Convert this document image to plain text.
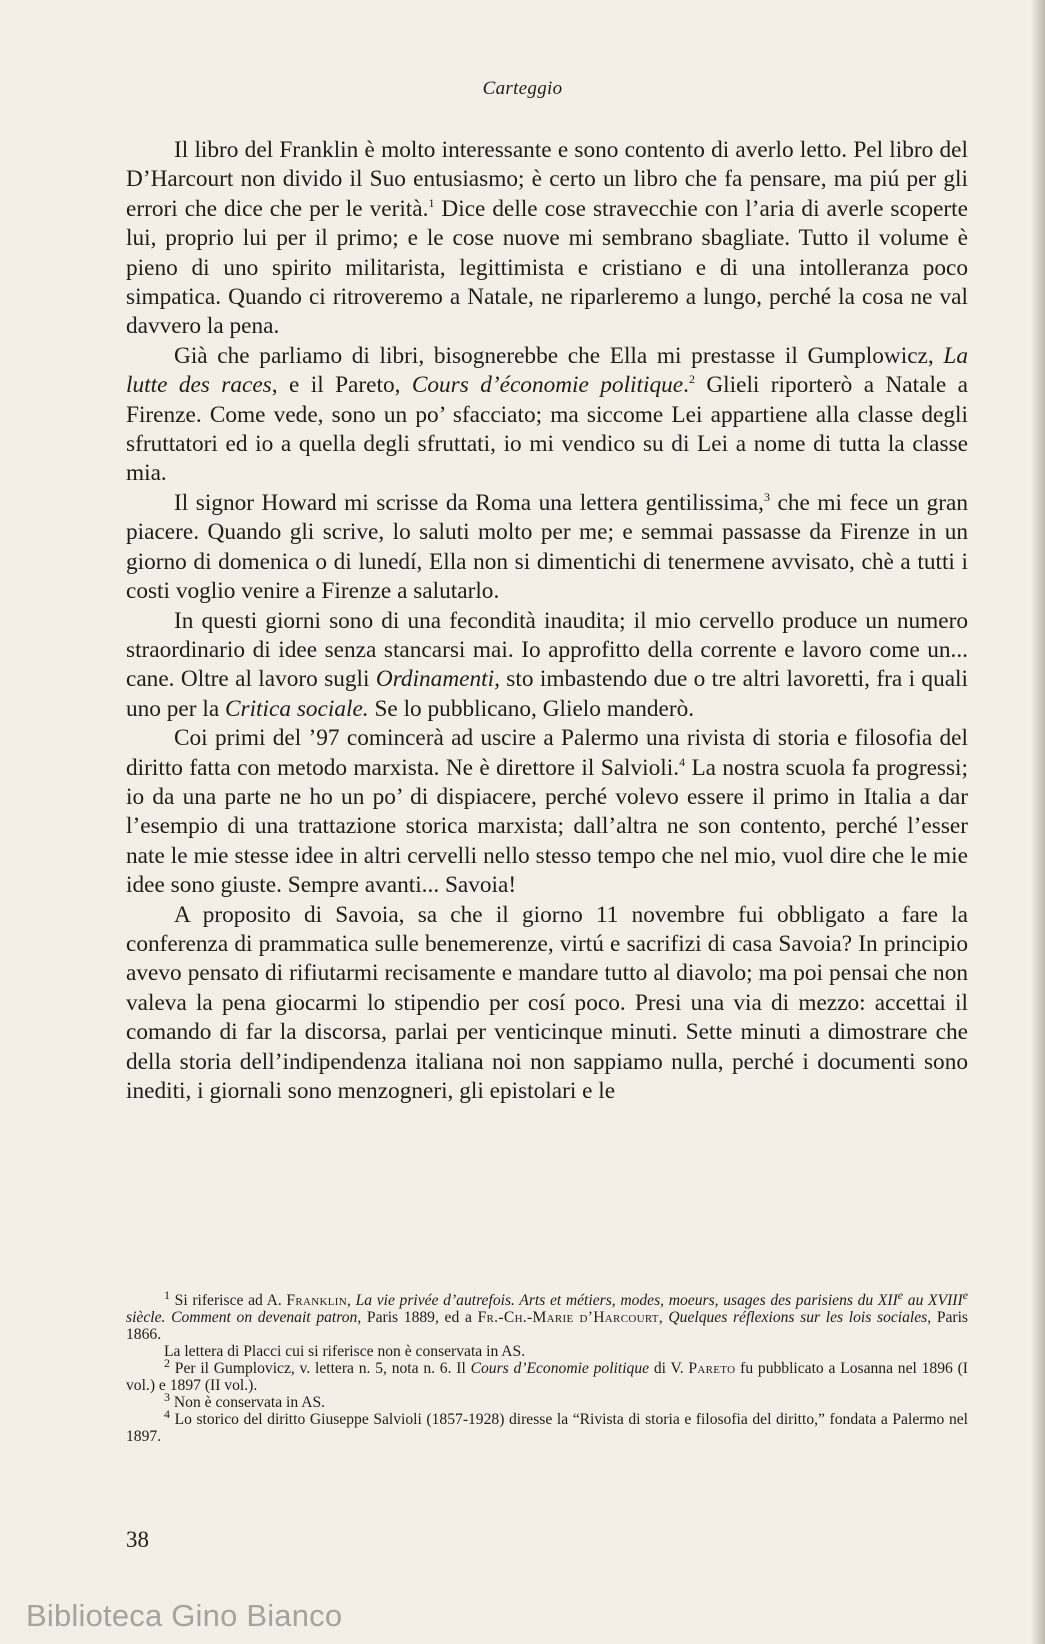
Carteggio

Il libro del Franklin è molto interessante e sono contento di averlo letto. Pel libro del D’Harcourt non divido il Suo entusiasmo; è certo un libro che fa pensare, ma piú per gli errori che dice che per le verità.$^1$ Dice delle cose stravecchie con l’aria di averle scoperte lui, proprio lui per il primo; e le cose nuove mi sembrano sbagliate. Tutto il volume è pieno di uno spirito militarista, legittimista e cristiano e di una intolleranza poco simpatica. Quando ci ritroveremo a Natale, ne riparleremo a lungo, perché la cosa ne val davvero la pena.

Già che parliamo di libri, bisognerebbe che Ella mi prestasse il Gumplowicz, La lutte des races, e il Pareto, Cours d’économie politique.$^2$ Glieli riporterò a Natale a Firenze. Come vede, sono un po’ sfacciato; ma siccome Lei appartiene alla classe degli sfruttatori ed io a quella degli sfruttati, io mi vendico su di Lei a nome di tutta la classe mia.

Il signor Howard mi scrisse da Roma una lettera gentilissima,$^3$ che mi fece un gran piacere. Quando gli scrive, lo saluti molto per me; e semmai passasse da Firenze in un giorno di domenica o di lunedí, Ella non si dimentichi di tenermene avvisato, chè a tutti i costi voglio venire a Firenze a salutarlo.

In questi giorni sono di una fecondità inaudita; il mio cervello produce un numero straordinario di idee senza stancarsi mai. Io approfitto della corrente e lavoro come un... cane. Oltre al lavoro sugli Ordinamenti, sto imbastendo due o tre altri lavoretti, fra i quali uno per la Critica sociale. Se lo pubblicano, Glielo manderò.

Coi primi del ’97 comincerà ad uscire a Palermo una rivista di storia e filosofia del diritto fatta con metodo marxista. Ne è direttore il Salvioli.$^4$ La nostra scuola fa progressi; io da una parte ne ho un po’ di dispiacere, perché volevo essere il primo in Italia a dar l’esempio di una trattazione storica marxista; dall’altra ne son contento, perché l’esser nate le mie stesse idee in altri cervelli nello stesso tempo che nel mio, vuol dire che le mie idee sono giuste. Sempre avanti... Savoia!

A proposito di Savoia, sa che il giorno 11 novembre fui obbligato a fare la conferenza di prammatica sulle benemerenze, virtú e sacrifizi di casa Savoia? In principio avevo pensato di rifiutarmi recisamente e mandare tutto al diavolo; ma poi pensai che non valeva la pena giocarmi lo stipendio per cosí poco. Presi una via di mezzo: accettai il comando di far la discorsa, parlai per venticinque minuti. Sette minuti a dimostrare che della storia dell’indipendenza italiana noi non sappiamo nulla, perché i documenti sono inediti, i giornali sono menzogneri, gli epistolari e le

$^1$ Si riferisce ad A. Franklin, La vie privée d’autrefois. Arts et métiers, modes, moeurs, usages des parisiens du XIIe au XVIIIe siècle. Comment on devenait patron, Paris 1889, ed a Fr.-Ch.-Marie d’Harcourt, Quelques réflexions sur les lois sociales, Paris 1866.

La lettera di Placci cui si riferisce non è conservata in AS.

$^2$ Per il Gumplovicz, v. lettera n. 5, nota n. 6. Il Cours d’Economie politique di V. Pareto fu pubblicato a Losanna nel 1896 (I vol.) e 1897 (II vol.).

$^3$ Non è conservata in AS.

$^4$ Lo storico del diritto Giuseppe Salvioli (1857-1928) diresse la “Rivista di storia e filosofia del diritto,” fondata a Palermo nel 1897.

38
Biblioteca Gino Bianco
